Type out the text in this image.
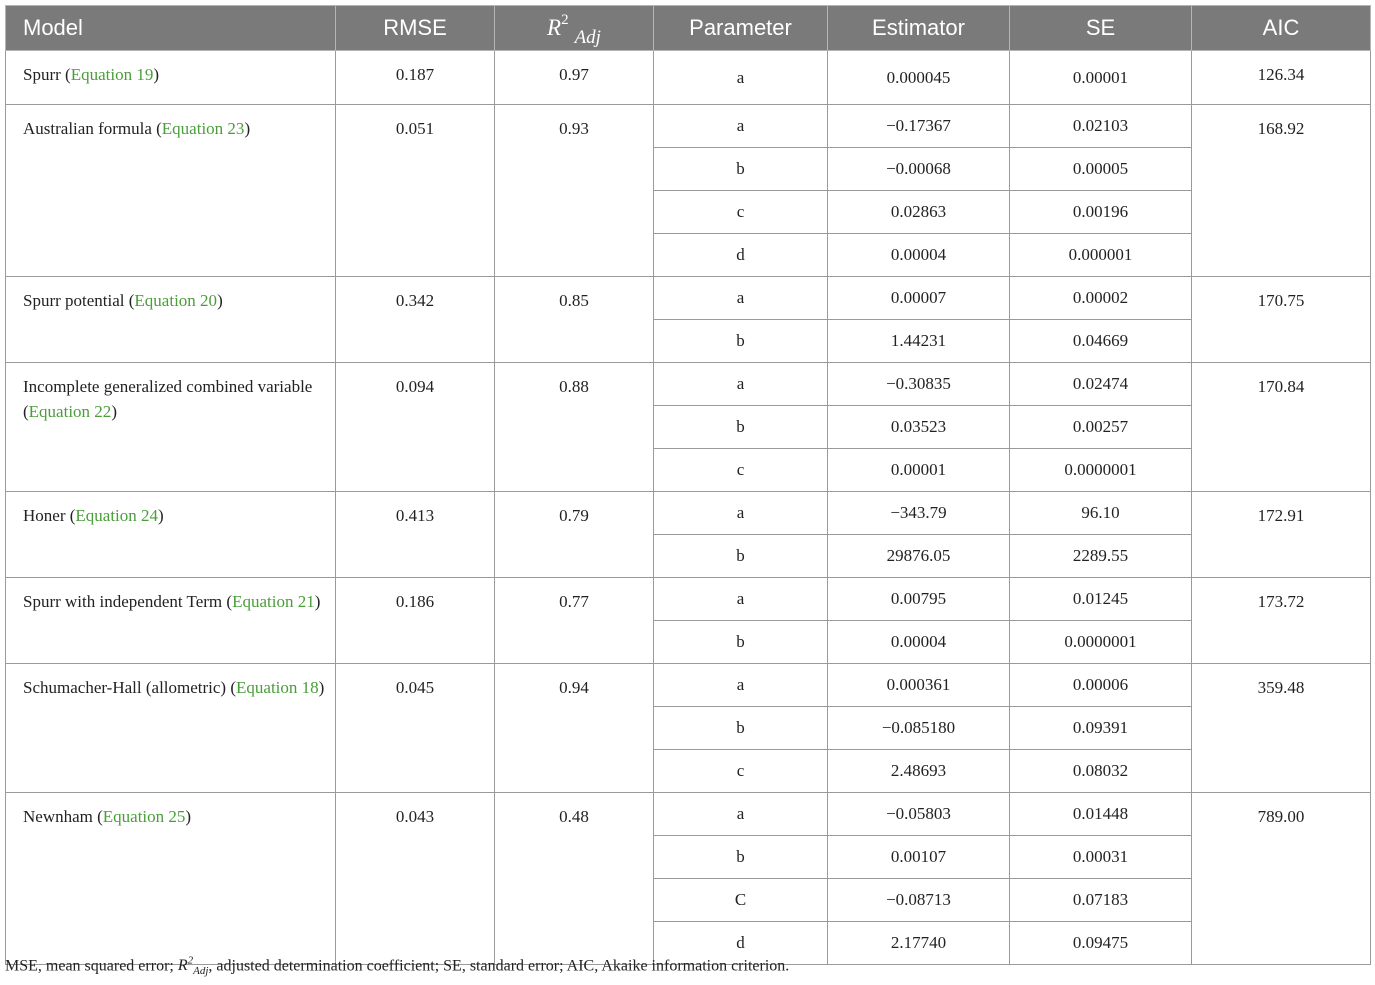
Model	RMSE	$R^2_{Adj}$	Parameter	Estimator	SE	AIC
Spurr (Equation 19)	0.187	0.97	a	0.000045	0.00001	126.34
Australian formula (Equation 23)	0.051	0.93	a	−0.17367	0.02103	168.92
			b	−0.00068	0.00005	
			c	0.02863	0.00196	
			d	0.00004	0.000001	
Spurr potential (Equation 20)	0.342	0.85	a	0.00007	0.00002	170.75
			b	1.44231	0.04669	
Incomplete generalized combined variable (Equation 22)	0.094	0.88	a	−0.30835	0.02474	170.84
			b	0.03523	0.00257	
			c	0.00001	0.0000001	
Honer (Equation 24)	0.413	0.79	a	−343.79	96.10	172.91
			b	29876.05	2289.55	
Spurr with independent Term (Equation 21)	0.186	0.77	a	0.00795	0.01245	173.72
			b	0.00004	0.0000001	
Schumacher-Hall (allometric) (Equation 18)	0.045	0.94	a	0.000361	0.00006	359.48
			b	−0.085180	0.09391	
			c	2.48693	0.08032	
Newnham (Equation 25)	0.043	0.48	a	−0.05803	0.01448	789.00
			b	0.00107	0.00031	
			C	−0.08713	0.07183	
			d	2.17740	0.09475	
MSE, mean squared error; $R^2_{Adj}$, adjusted determination coefficient; SE, standard error; AIC, Akaike information criterion.
